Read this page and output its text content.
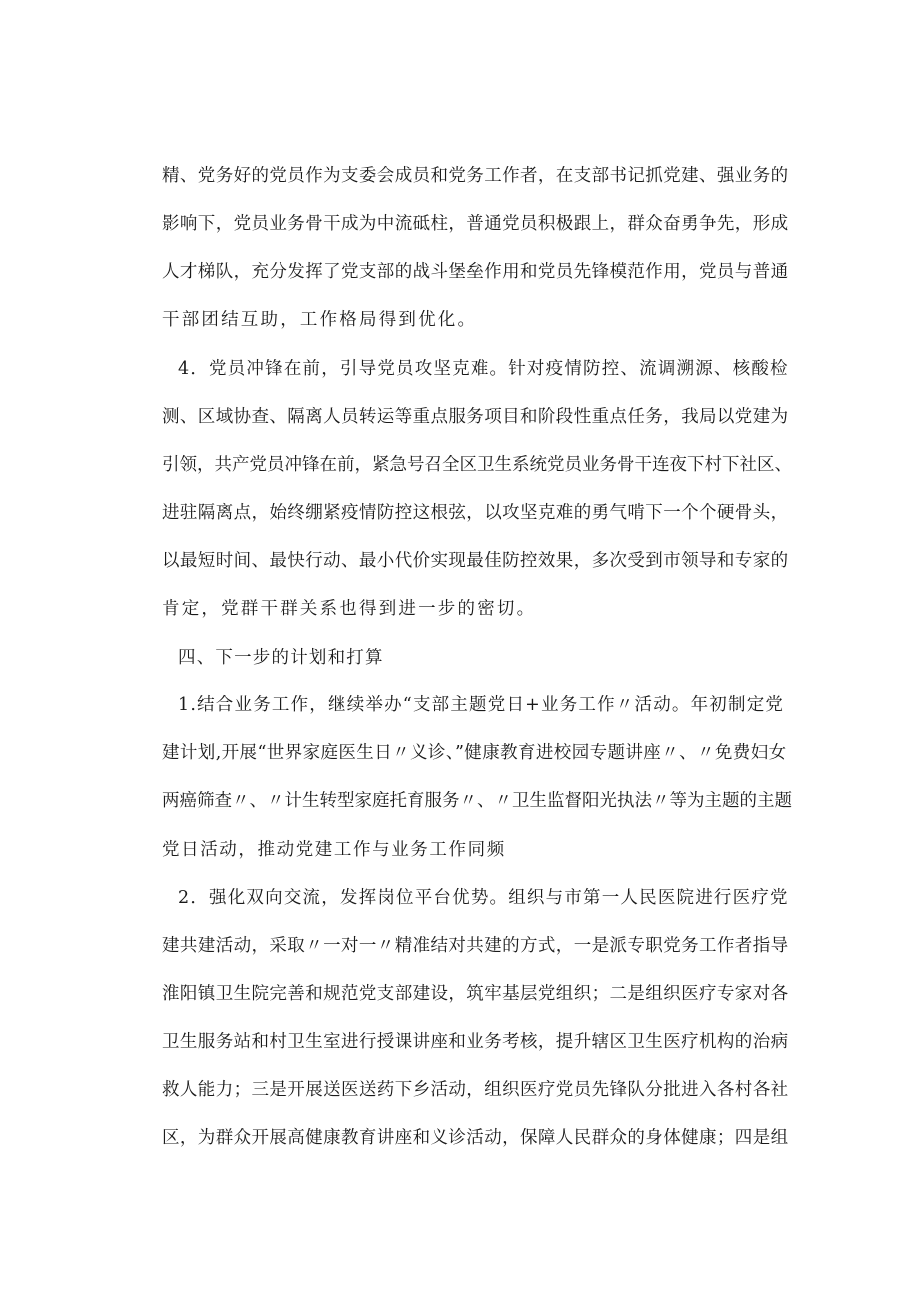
精、党务好的党员作为支委会成员和党务工作者，在支部书记抓党建、强业务的
影响下，党员业务骨干成为中流砥柱，普通党员积极跟上，群众奋勇争先，形成
人才梯队，充分发挥了党支部的战斗堡垒作用和党员先锋模范作用，党员与普通
干部团结互助，工作格局得到优化。
4．党员冲锋在前，引导党员攻坚克难。针对疫情防控、流调溯源、核酸检
测、区域协查、隔离人员转运等重点服务项目和阶段性重点任务，我局以党建为
引领，共产党员冲锋在前，紧急号召全区卫生系统党员业务骨干连夜下村下社区、
进驻隔离点，始终绷紧疫情防控这根弦，以攻坚克难的勇气啃下一个个硬骨头，
以最短时间、最快行动、最小代价实现最佳防控效果，多次受到市领导和专家的
肯定，党群干群关系也得到进一步的密切。
四、下一步的计划和打算
1.结合业务工作，继续举办“支部主题党日+业务工作〃活动。年初制定党
建计划,开展“世界家庭医生日〃义诊、”健康教育进校园专题讲座〃、〃免费妇女
两癌筛查〃、〃计生转型家庭托育服务〃、〃卫生监督阳光执法〃等为主题的主题
党日活动，推动党建工作与业务工作同频
2．强化双向交流，发挥岗位平台优势。组织与市第一人民医院进行医疗党
建共建活动，采取〃一对一〃精准结对共建的方式，一是派专职党务工作者指导
淮阳镇卫生院完善和规范党支部建设，筑牢基层党组织；二是组织医疗专家对各
卫生服务站和村卫生室进行授课讲座和业务考核，提升辖区卫生医疗机构的治病
救人能力；三是开展送医送药下乡活动，组织医疗党员先锋队分批进入各村各社
区，为群众开展高健康教育讲座和义诊活动，保障人民群众的身体健康；四是组
